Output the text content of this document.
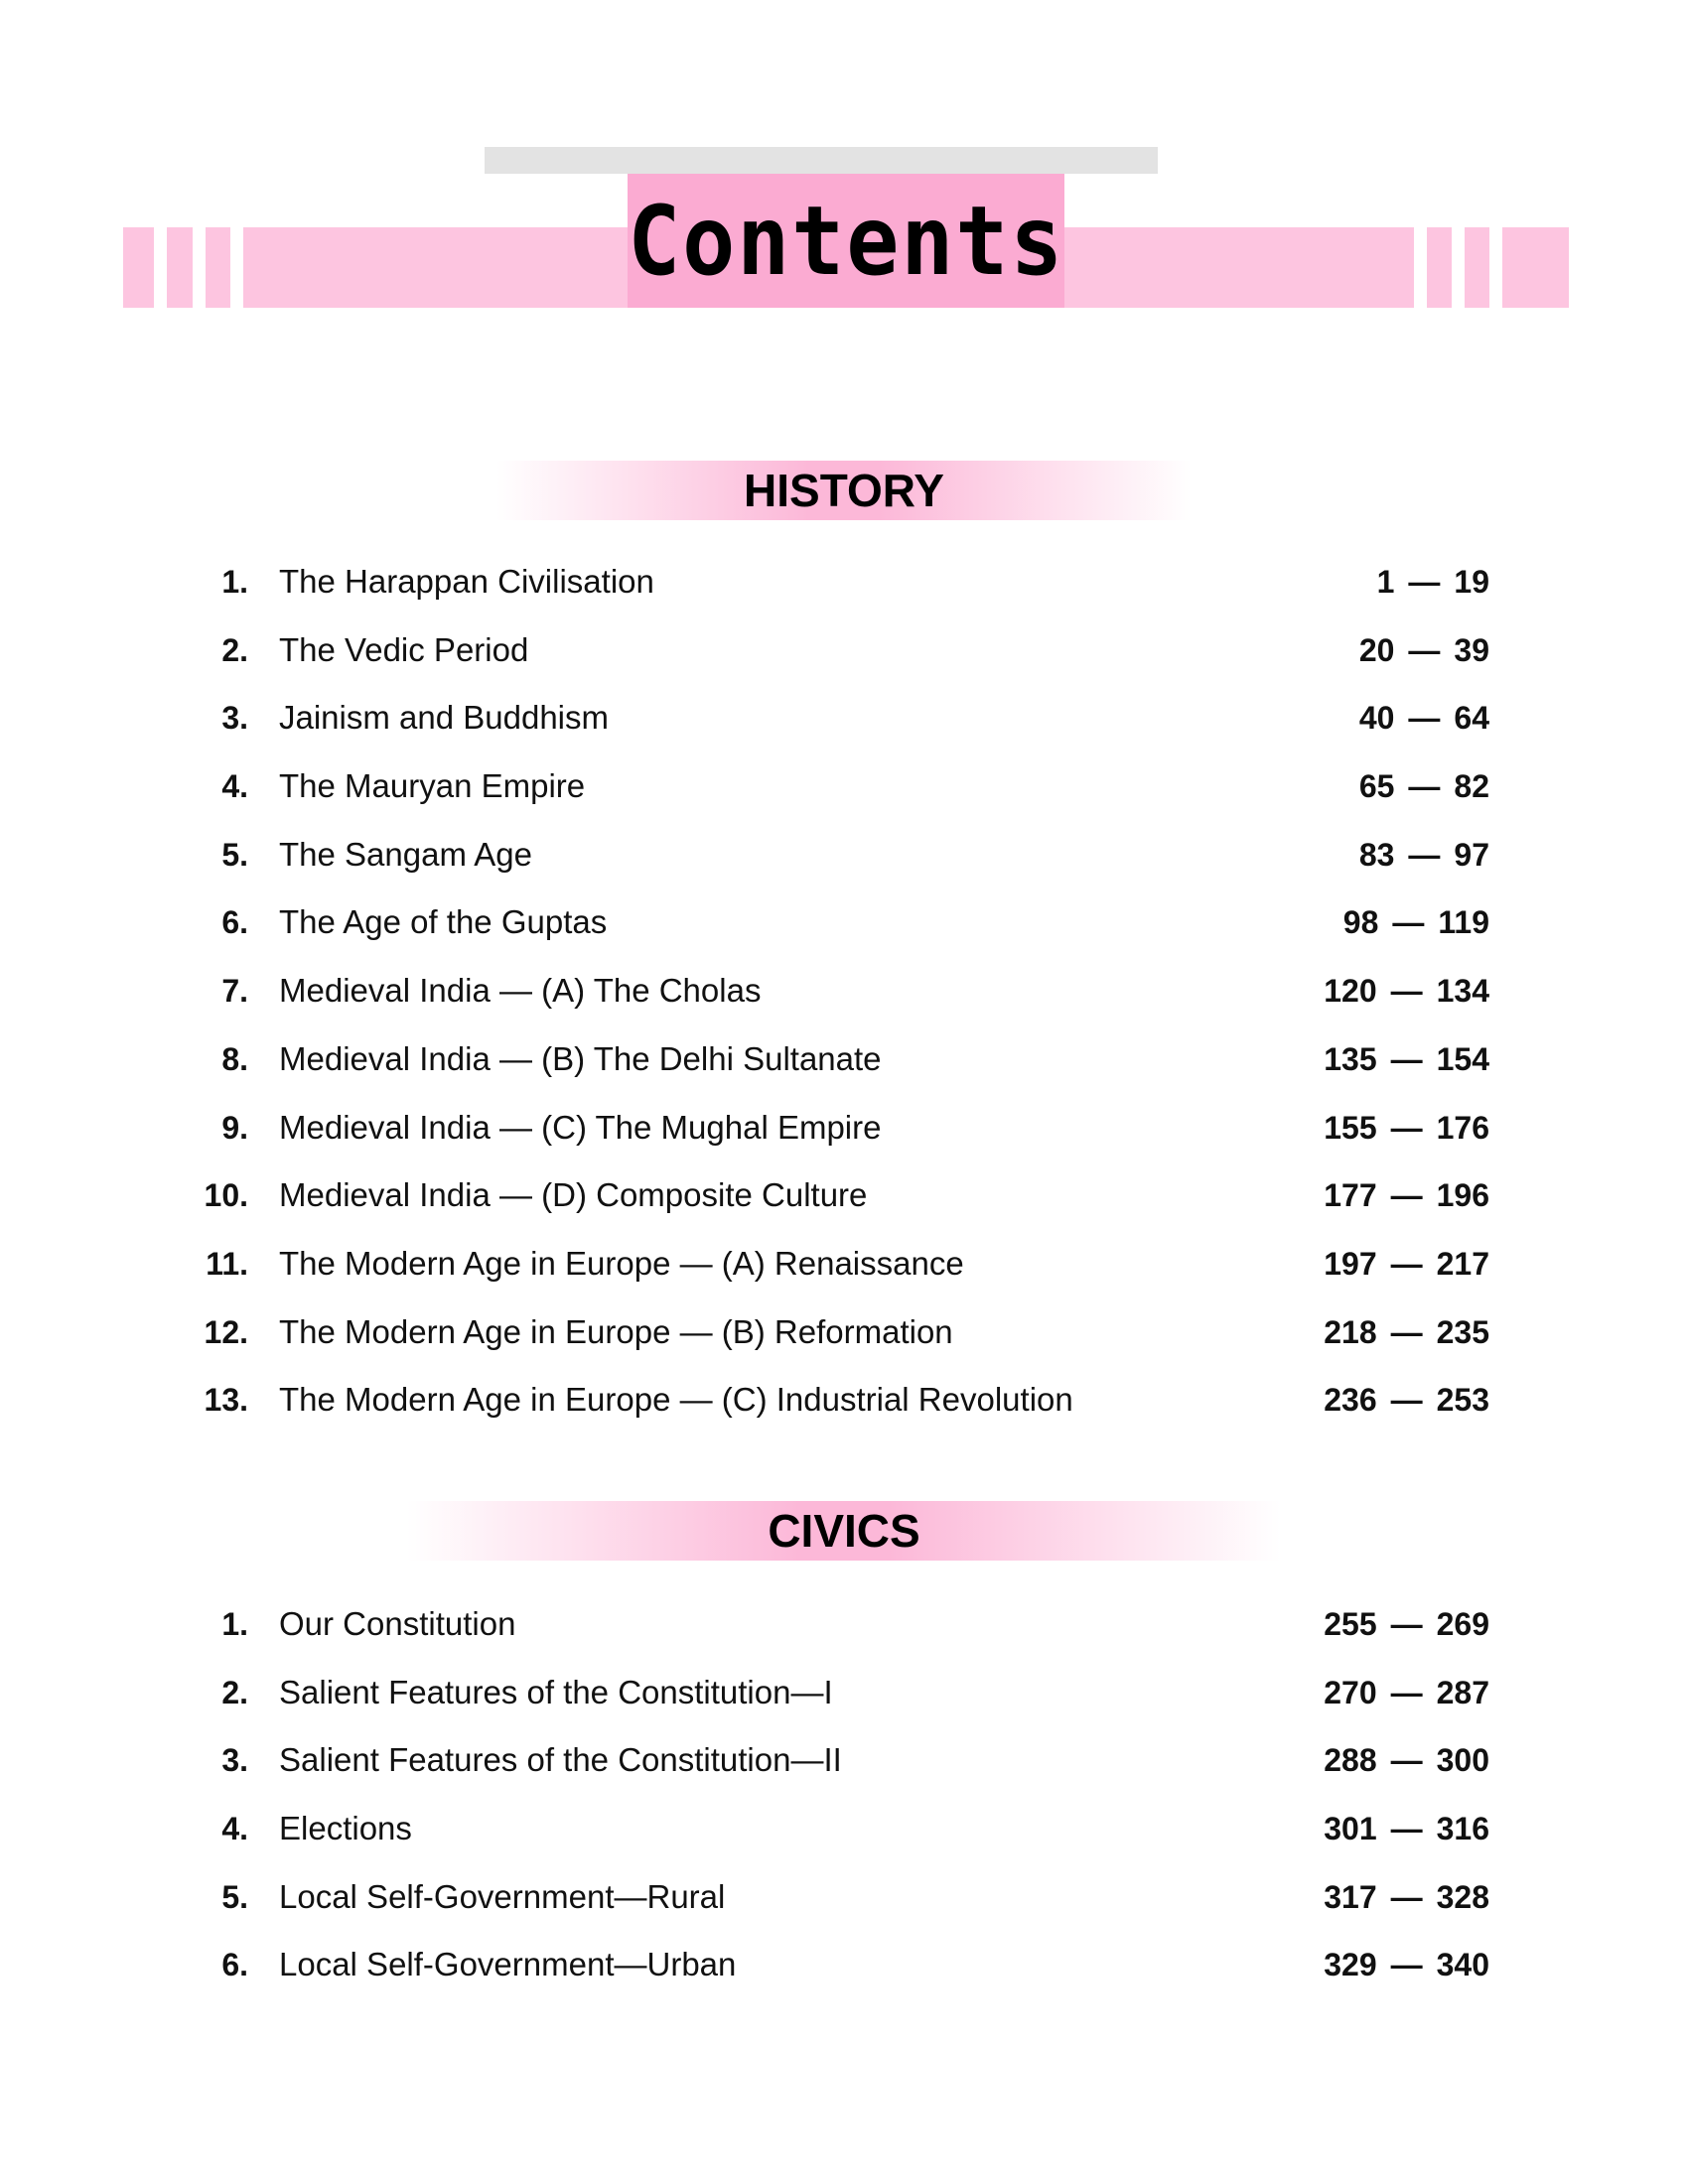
Contents
HISTORY
1. The Harappan Civilisation	1 — 19
2. The Vedic Period	20 — 39
3. Jainism and Buddhism	40 — 64
4. The Mauryan Empire	65 — 82
5. The Sangam Age	83 — 97
6. The Age of the Guptas	98 — 119
7. Medieval India — (A) The Cholas	120 — 134
8. Medieval India — (B) The Delhi Sultanate	135 — 154
9. Medieval India — (C) The Mughal Empire	155 — 176
10. Medieval India — (D) Composite Culture	177 — 196
11. The Modern Age in Europe — (A) Renaissance	197 — 217
12. The Modern Age in Europe — (B) Reformation	218 — 235
13. The Modern Age in Europe — (C) Industrial Revolution	236 — 253
CIVICS
1. Our Constitution	255 — 269
2. Salient Features of the Constitution—I	270 — 287
3. Salient Features of the Constitution—II	288 — 300
4. Elections	301 — 316
5. Local Self-Government—Rural	317 — 328
6. Local Self-Government—Urban	329 — 340
